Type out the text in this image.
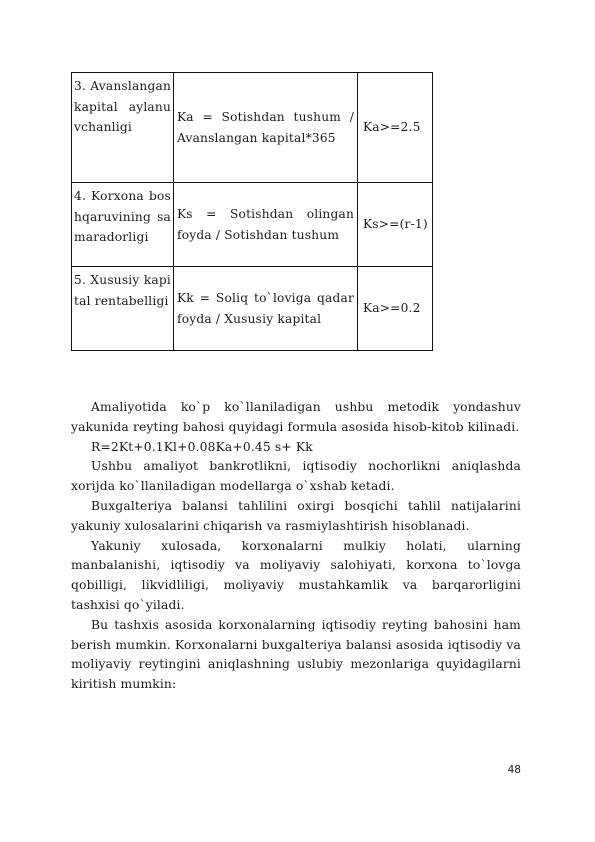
3. Avanslangan kapital aylanuvchanligi	Ka = Sotishdan tushum / Avanslangan kapital*365	Ka>=2.5
4. Korxona boshqaruvining samaradorligi	Ks = Sotishdan olingan foyda / Sotishdan tushum	Ks>=(r-1)
5. Xususiy kapital rentabelligi	Kk = Soliq to`loviga qadar foyda / Xususiy kapital	Ka>=0.2

Amaliyotida ko`p ko`llaniladigan ushbu metodik yondashuv yakunida reyting bahosi quyidagi formula asosida hisob-kitob kilinadi.

R=2Kt+0.1Kl+0.08Ka+0.45 s+ Kk

Ushbu amaliyot bankrotlikni, iqtisodiy nochorlikni aniqlashda xorijda ko`llaniladigan modellarga o`xshab ketadi.

Buxgalteriya balansi tahlilini oxirgi bosqichi tahlil natijalarini yakuniy xulosalarini chiqarish va rasmiylashtirish hisoblanadi.

Yakuniy xulosada, korxonalarni mulkiy holati, ularning manbalanishi, iqtisodiy va moliyaviy salohiyati, korxona to`lovga qobilligi, likvidliligi, moliyaviy mustahkamlik va barqarorligini tashxisi qo`yiladi.

Bu tashxis asosida korxonalarning iqtisodiy reyting bahosini ham berish mumkin. Korxonalarni buxgalteriya balansi asosida iqtisodiy va moliyaviy reytingini aniqlashning uslubiy mezonlariga quyidagilarni kiritish mumkin:

48
